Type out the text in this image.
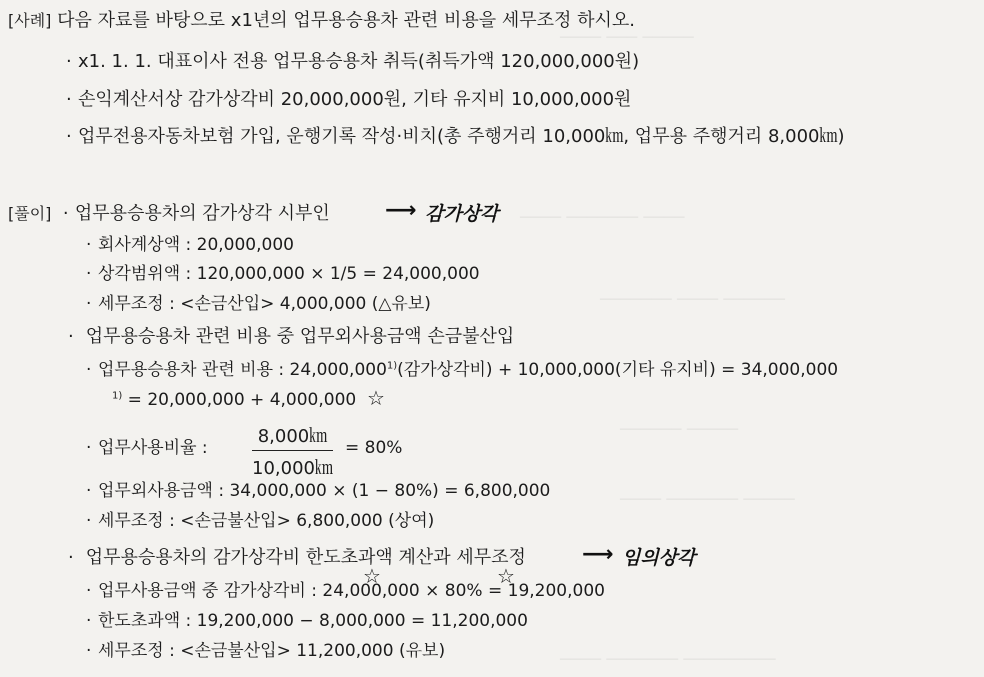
──── ─── ─────
──── ─────── ────
─────── ──── ──────
────── ─────
──── ─────── ─────
──── ─────── ─────────
[사례] 다음 자료를 바탕으로 x1년의 업무용승용차 관련 비용을 세무조정 하시오.
· x1. 1. 1. 대표이사 전용 업무용승용차 취득(취득가액 120,000,000원)
· 손익계산서상 감가상각비 20,000,000원, 기타 유지비 10,000,000원
· 업무전용자동차보험 가입, 운행기록 작성·비치(총 주행거리 10,000㎞, 업무용 주행거리 8,000㎞)
[풀이]  · 업무용승용차의 감가상각 시부인	⟶ 감가상각
· 회사계상액 : 20,000,000
· 상각범위액 : 120,000,000 × 1/5 = 24,000,000
· 세무조정 : <손금산입> 4,000,000 (△유보)
· 업무용승용차 관련 비용 중 업무외사용금액 손금불산입
· 업무용승용차 관련 비용 : 24,000,000$^{1)}$(감가상각비) + 10,000,000(기타 유지비) = 34,000,000
$^{1)}$ = 20,000,000 + 4,000,000 ☆
· 업무사용비율 : $\frac{8,000㎞}{10,000㎞} = 80\%$
· 업무외사용금액 : 34,000,000 × (1 − 80%) = 6,800,000
· 세무조정 : <손금불산입> 6,800,000 (상여)
· 업무용승용차의 감가상각비 한도초과액 계산과 세무조정	⟶ 임의상각
· 업무사용금액 중 감가상각비 : 24,000,000 × 80% = 19,200,000
☆	☆
· 한도초과액 : 19,200,000 − 8,000,000 = 11,200,000
· 세무조정 : <손금불산입> 11,200,000 (유보)
